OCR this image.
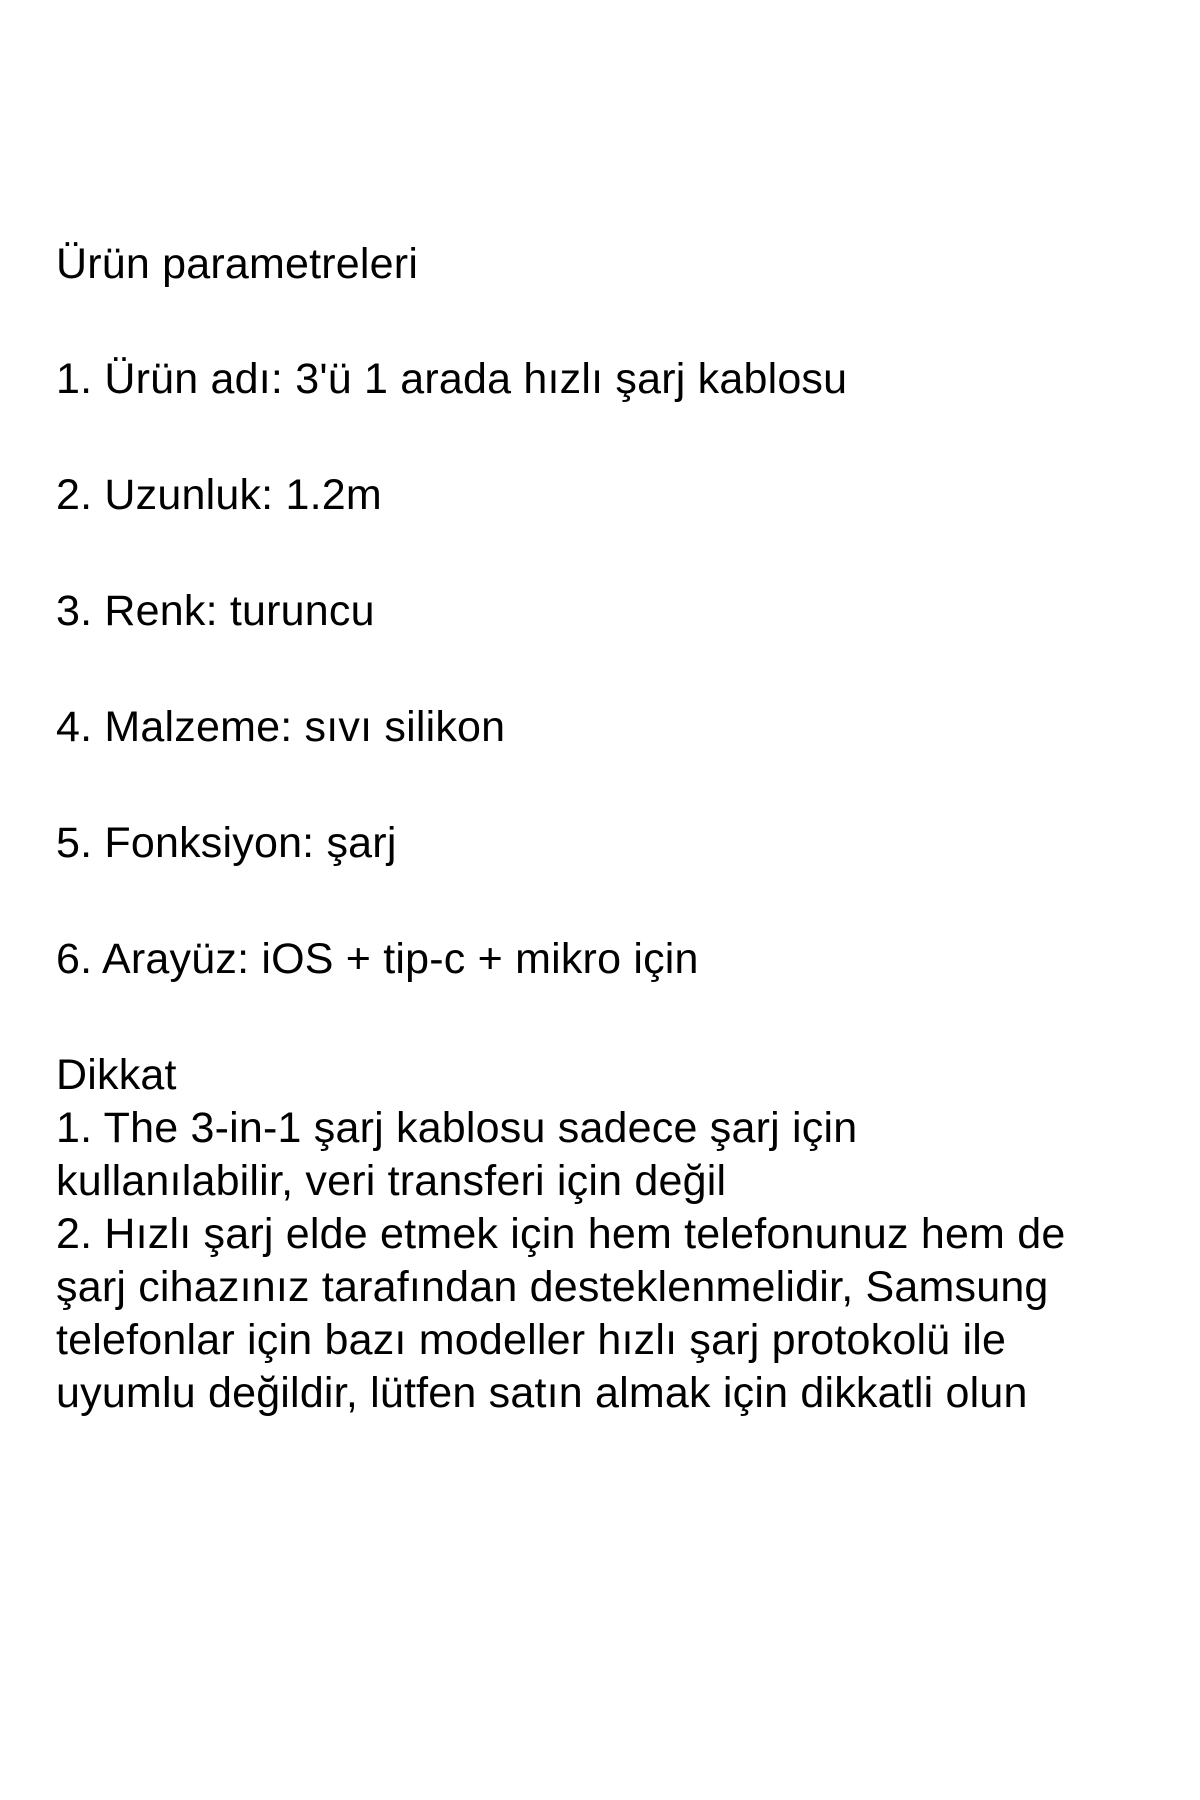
Ürün parametreleri

1. Ürün adı: 3'ü 1 arada hızlı şarj kablosu

2. Uzunluk: 1.2m

3. Renk: turuncu

4. Malzeme: sıvı silikon

5. Fonksiyon: şarj

6. Arayüz: iOS + tip-c + mikro için

Dikkat

1. The 3-in-1 şarj kablosu sadece şarj için
kullanılabilir, veri transferi için değil
2. Hızlı şarj elde etmek için hem telefonunuz hem de
şarj cihazınız tarafından desteklenmelidir, Samsung
telefonlar için bazı modeller hızlı şarj protokolü ile
uyumlu değildir, lütfen satın almak için dikkatli olun
